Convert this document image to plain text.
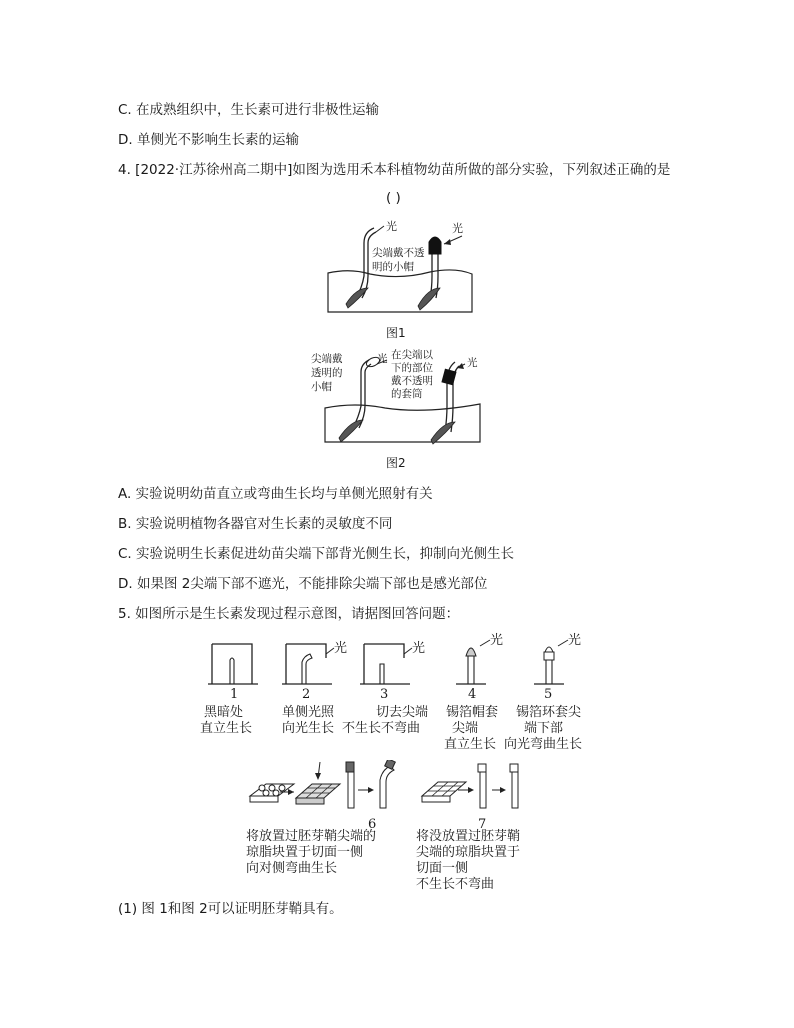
C. 在成熟组织中，生长素可进行非极性运输
D. 单侧光不影响生长素的运输
4. [2022·江苏徐州高二期中]如图为选用禾本科植物幼苗所做的部分实验，下列叙述正确的是
( )
光	光
尖端戴不透
明的小帽
图1
光	光
尖端戴
透明的
小帽
在尖端以
下的部位
戴不透明
的套筒
图2
A. 实验说明幼苗直立或弯曲生长均与单侧光照射有关
B. 实验说明植物各器官对生长素的灵敏度不同
C. 实验说明生长素促进幼苗尖端下部背光侧生长，抑制向光侧生长
D. 如果图 2尖端下部不遮光，不能排除尖端下部也是感光部位
5. 如图所示是生长素发现过程示意图，请据图回答问题：
1
黑暗处
直立生长
光
2
单侧光照
向光生长
光
3
切去尖端
不生长不弯曲
光
4
锡箔帽套
尖端
直立生长
光
5
锡箔环套尖
端下部
向光弯曲生长
6	7
将放置过胚芽鞘尖端的
琼脂块置于切面一侧
向对侧弯曲生长
将没放置过胚芽鞘
尖端的琼脂块置于
切面一侧
不生长不弯曲
(1) 图 1和图 2可以证明胚芽鞘具有。
